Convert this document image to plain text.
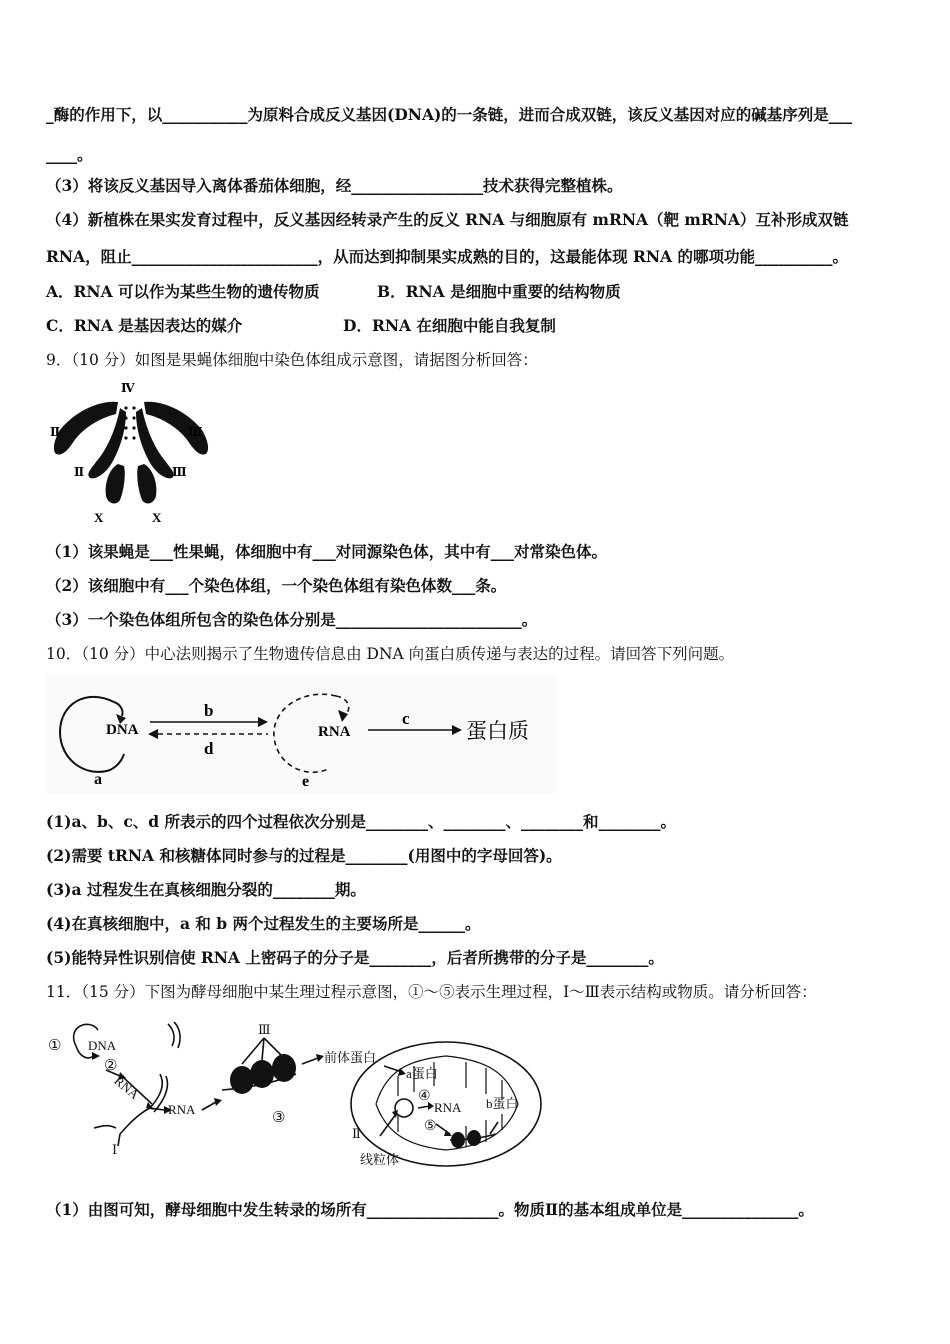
_酶的作用下，以___________为原料合成反义基因(DNA)的一条链，进而合成双链，该反义基因对应的碱基序列是___
____。
（3）将该反义基因导入离体番茄体细胞，经_________________技术获得完整植株。
（4）新植株在果实发育过程中，反义基因经转录产生的反义 RNA 与细胞原有 mRNA（靶 mRNA）互补形成双链
RNA，阻止________________________，从而达到抑制果实成熟的目的，这最能体现 RNA 的哪项功能__________。
A．RNA 可以作为某些生物的遗传物质	B．RNA 是细胞中重要的结构物质
C．RNA 是基因表达的媒介	D．RNA 在细胞中能自我复制
9．（10 分）如图是果蝇体细胞中染色体组成示意图，请据图分析回答：
Ⅳ
Ⅱ	Ⅲ
Ⅱ	Ⅲ
X	X
（1）该果蝇是___性果蝇，体细胞中有___对同源染色体，其中有___对常染色体。
（2）该细胞中有___个染色体组，一个染色体组有染色体数___条。
（3）一个染色体组所包含的染色体分别是________________________。
10．（10 分）中心法则揭示了生物遗传信息由 DNA 向蛋白质传递与表达的过程。请回答下列问题。
DNA
a
b
d
RNA
e
c
蛋白质
(1)a、b、c、d 所表示的四个过程依次分别是________、________、________和________。
(2)需要 tRNA 和核糖体同时参与的过程是________(用图中的字母回答)。
(3)a 过程发生在真核细胞分裂的________期。
(4)在真核细胞中，a 和 b 两个过程发生的主要场所是______。
(5)能特异性识别信使 RNA 上密码子的分子是________，后者所携带的分子是________。
11．（15 分）下图为酵母细胞中某生理过程示意图，①～⑤表示生理过程，Ⅰ～Ⅲ表示结构或物质。请分析回答：
① DNA
②
RNA
RNA
Ⅰ
Ⅲ
③
前体蛋白
a蛋白
④
RNA b蛋白
⑤
Ⅱ
线粒体
（1）由图可知，酵母细胞中发生转录的场所有_________________。物质Ⅱ的基本组成单位是_______________。
